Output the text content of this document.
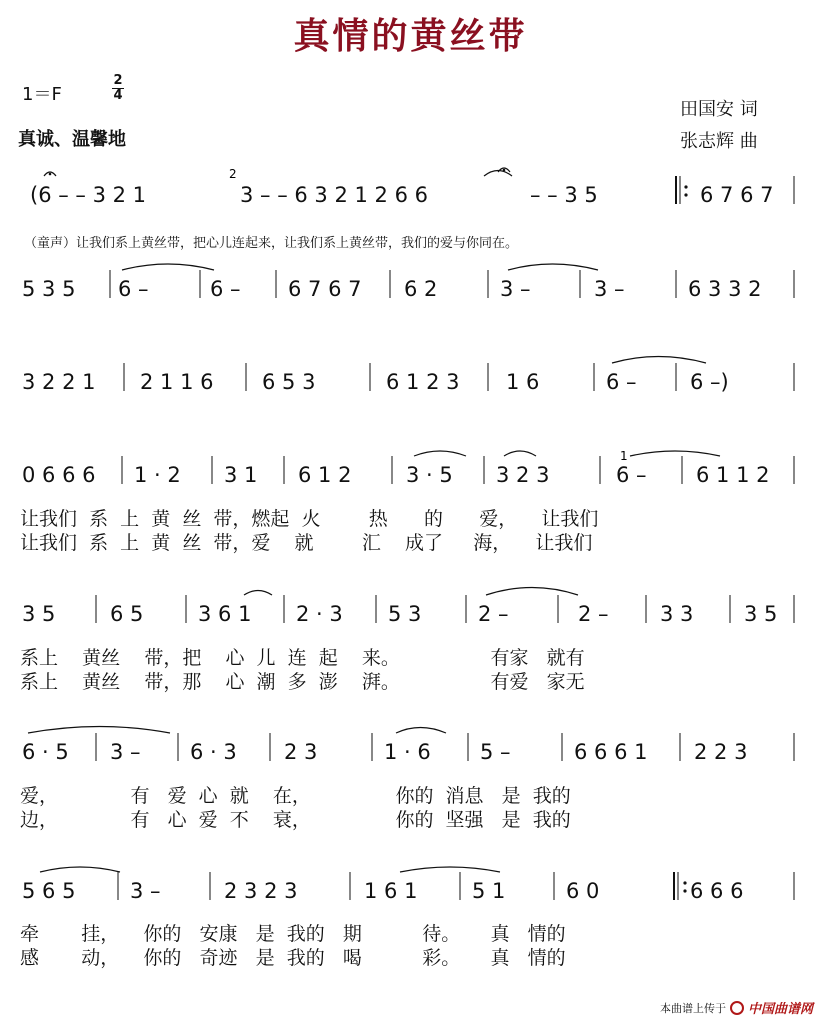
真情的黄丝带
1＝F
2
4
真诚、温馨地
田国安 词
张志辉 曲
（童声）让我们系上黄丝带，把心儿连起来，让我们系上黄丝带，我们的爱与你同在。
(6 – – 3 2 1	3 – – 6 3 2 1 2 6 6	– – 3 5	6 7 6 7
5 3 5 6 –	6 – 6 7 6 7 6 2	3 –	3 –	6 3 3 2
3 2 2 1 2 1 1 6 6 5 3	6 1 2 3 1 6	6 –	6 –)
0 6 6 6 1 · 2 3 1 6 1 2	3 · 5 3 2 3	6 – 6 1 1 2
3 5	6 5	3 6 1 2 · 3 5 3	2 –	2 – 3 3 3 5
6 · 5 3 – 6 · 3 2 3	1 · 6 5 –	6 6 6 1 2 2 3
5 6 5	3 –	2 3 2 3	1 6 1	5 1	6 0	6 6 6
2
1
让我们  系  上  黄  丝  带，燃起  火        热      的      爱，    让我们
让我们  系  上  黄  丝  带，爱    就        汇    成了     海，    让我们
系上    黄丝    带，把    心  儿  连  起    来。               有家   就有
系上    黄丝    带，那    心  潮  多  澎    湃。               有爱   家无
爱，            有   爱  心  就    在，              你的  消息   是  我的
边，            有   心  爱  不    衰，              你的  坚强   是  我的
牵       挂，    你的   安康   是  我的   期          待。     真   情的
感       动，    你的   奇迹   是  我的   喝          彩。     真   情的
本曲谱上传于 中国曲谱网
